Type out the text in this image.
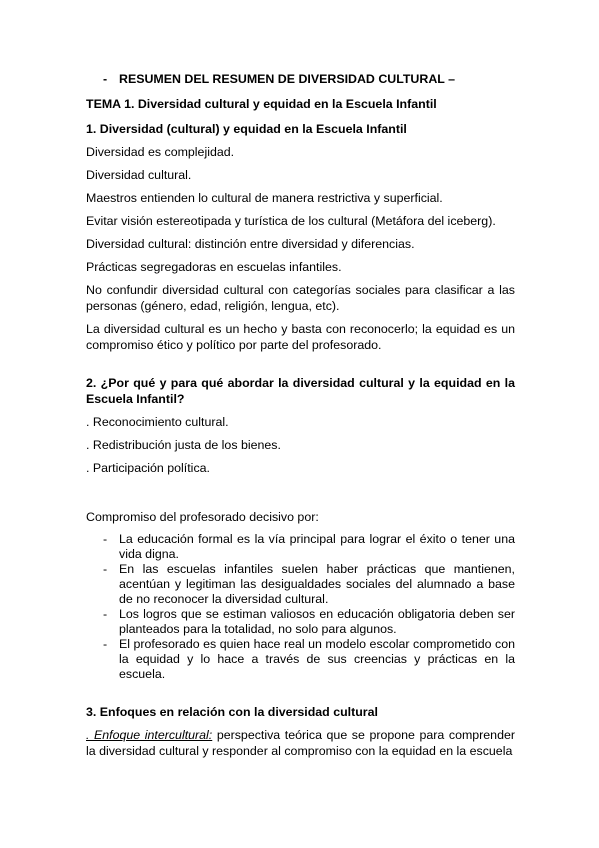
- RESUMEN DEL RESUMEN DE DIVERSIDAD CULTURAL –

TEMA 1. Diversidad cultural y equidad en la Escuela Infantil

1. Diversidad (cultural) y equidad en la Escuela Infantil

Diversidad es complejidad.

Diversidad cultural.

Maestros entienden lo cultural de manera restrictiva y superficial.

Evitar visión estereotipada y turística de los cultural (Metáfora del iceberg).

Diversidad cultural: distinción entre diversidad y diferencias.

Prácticas segregadoras en escuelas infantiles.

No confundir diversidad cultural con categorías sociales para clasificar a las personas (género, edad, religión, lengua, etc).

La diversidad cultural es un hecho y basta con reconocerlo; la equidad es un compromiso ético y político por parte del profesorado.

2. ¿Por qué y para qué abordar la diversidad cultural y la equidad en la Escuela Infantil?

. Reconocimiento cultural.

. Redistribución justa de los bienes.

. Participación política.

Compromiso del profesorado decisivo por:

- La educación formal es la vía principal para lograr el éxito o tener una vida digna.
- En las escuelas infantiles suelen haber prácticas que mantienen, acentúan y legitiman las desigualdades sociales del alumnado a base de no reconocer la diversidad cultural.
- Los logros que se estiman valiosos en educación obligatoria deben ser planteados para la totalidad, no solo para algunos.
- El profesorado es quien hace real un modelo escolar comprometido con la equidad y lo hace a través de sus creencias y prácticas en la escuela.

3. Enfoques en relación con la diversidad cultural

. Enfoque intercultural: perspectiva teórica que se propone para comprender la diversidad cultural y responder al compromiso con la equidad en la escuela
